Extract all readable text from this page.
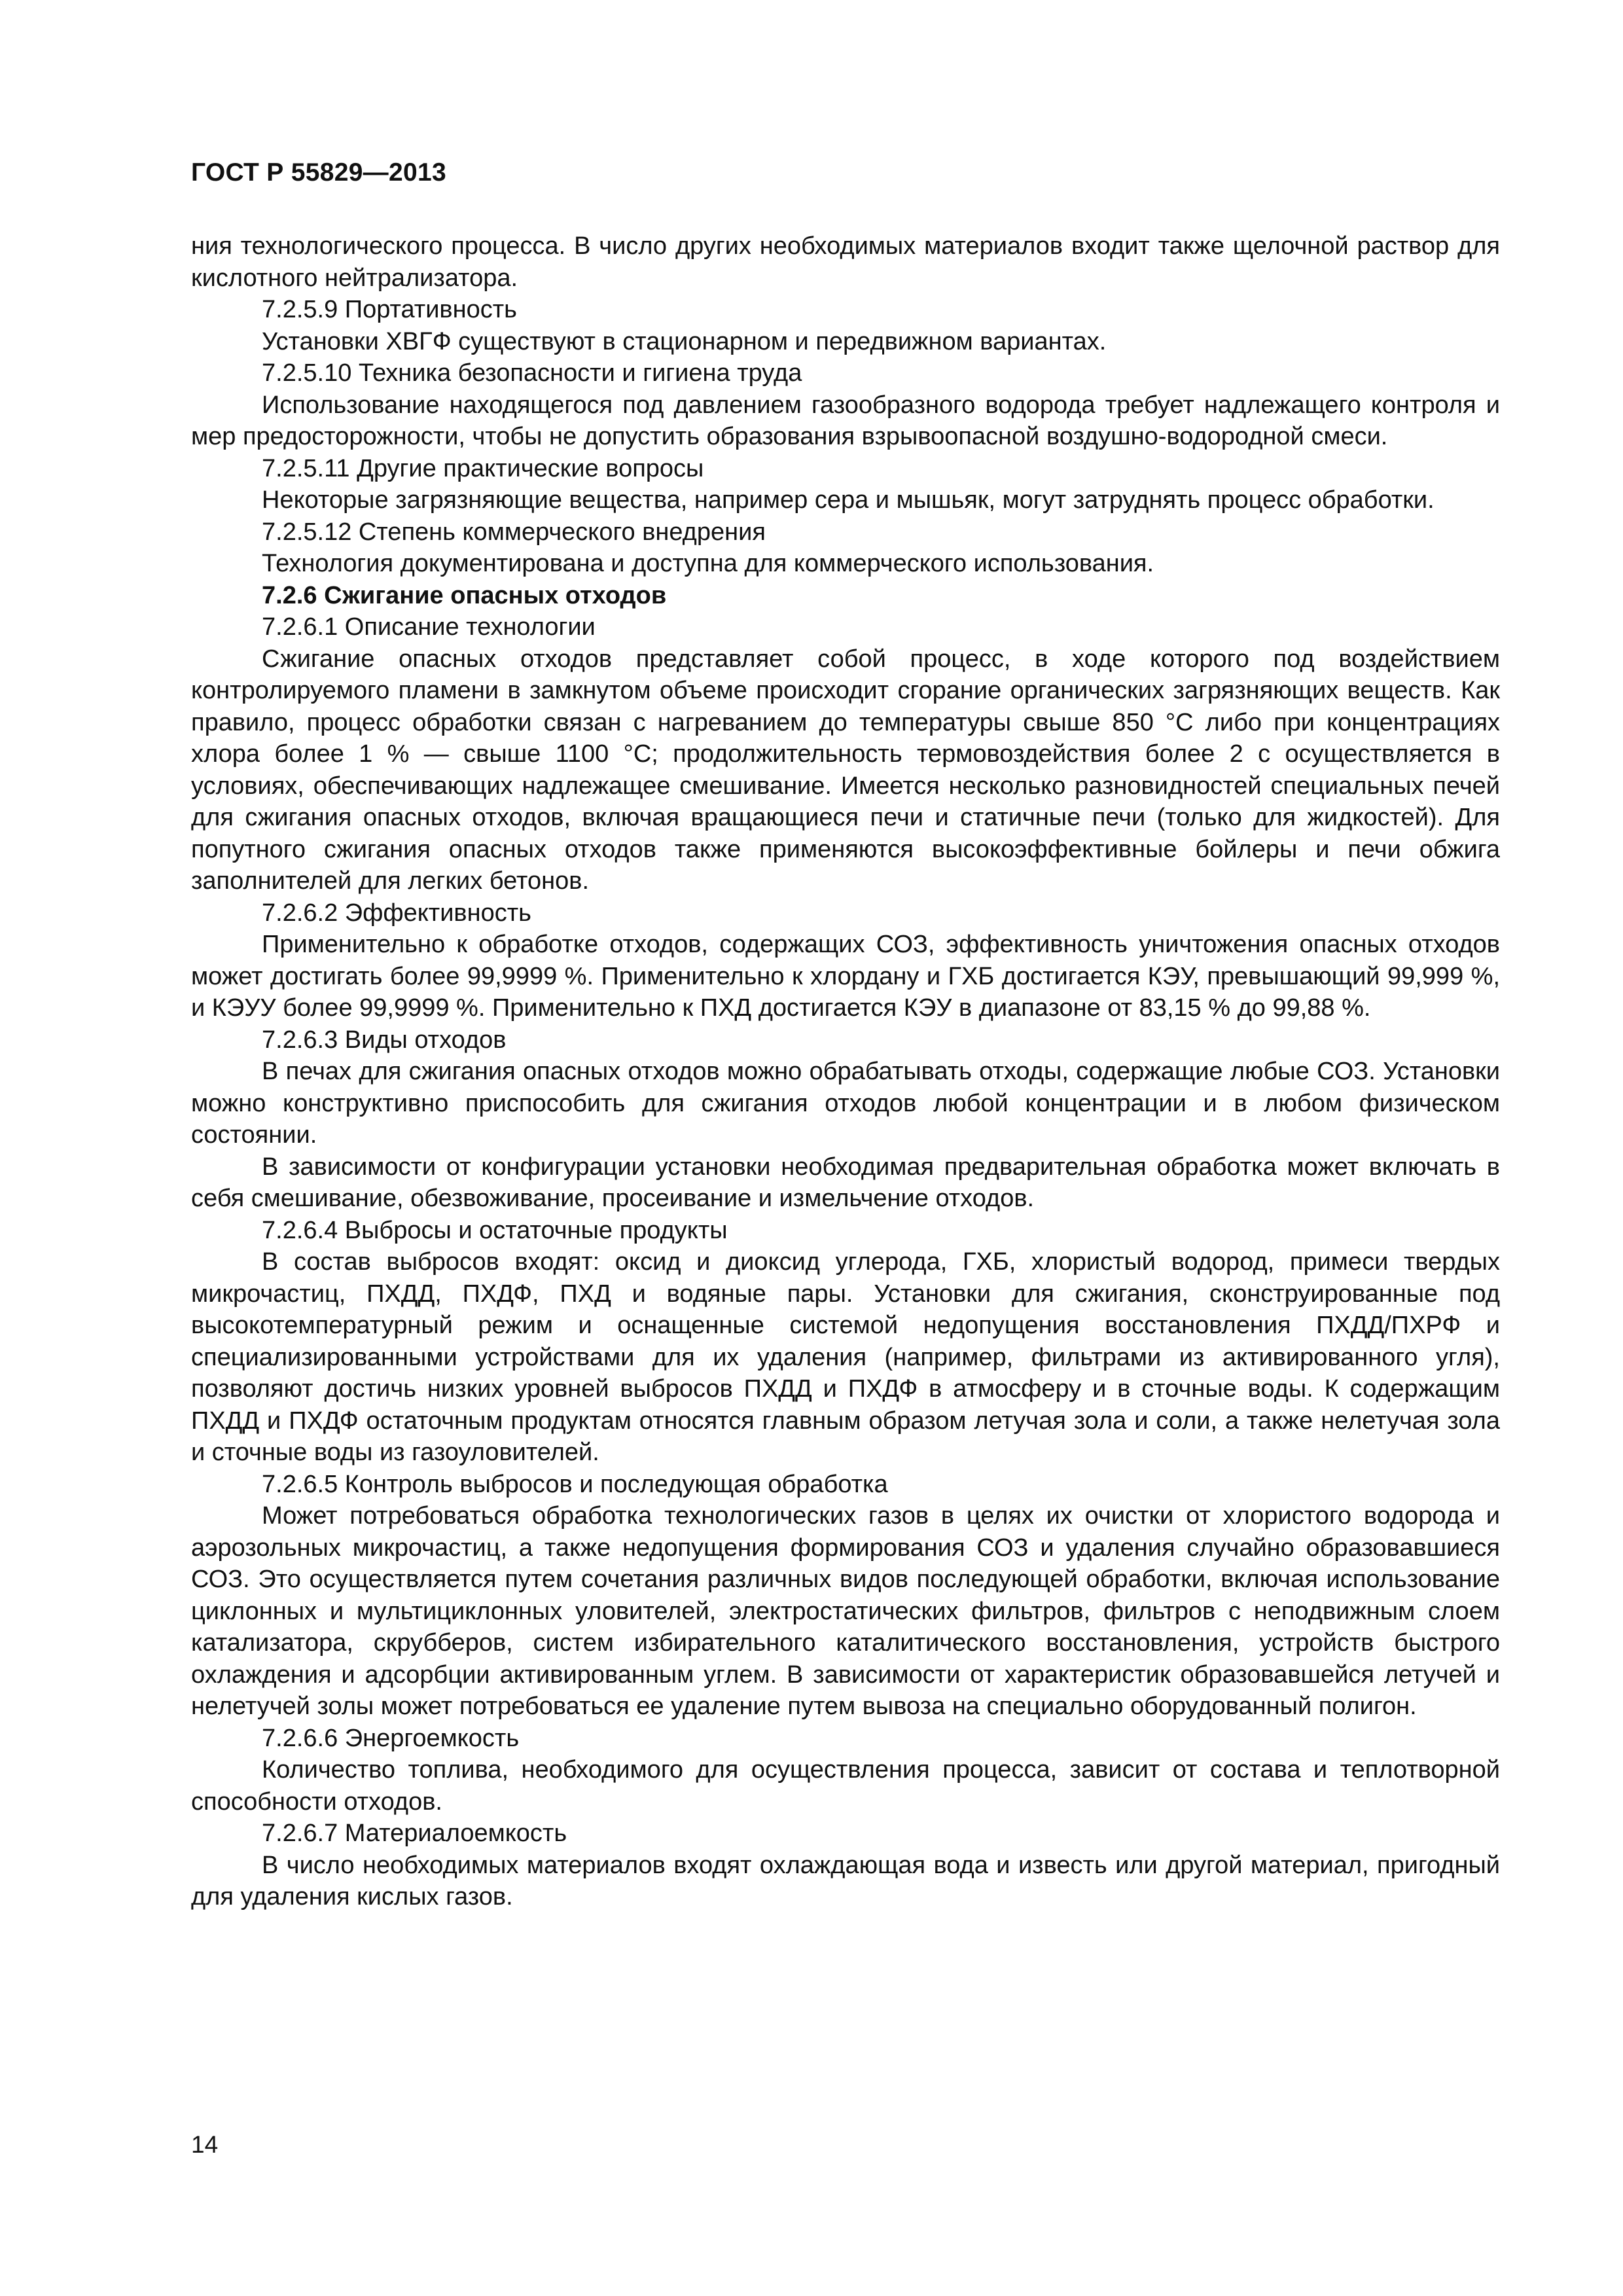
ГОСТ Р 55829—2013

ния технологического процесса. В число других необходимых материалов входит также щелочной раствор для кислотного нейтрализатора.

7.2.5.9 Портативность

Установки ХВГФ существуют в стационарном и передвижном вариантах.

7.2.5.10 Техника безопасности и гигиена труда

Использование находящегося под давлением газообразного водорода требует надлежащего контроля и мер предосторожности, чтобы не допустить образования взрывоопасной воздушно-водородной смеси.

7.2.5.11 Другие практические вопросы

Некоторые загрязняющие вещества, например сера и мышьяк, могут затруднять процесс обработки.

7.2.5.12 Степень коммерческого внедрения

Технология документирована и доступна для коммерческого использования.

7.2.6 Сжигание опасных отходов

7.2.6.1 Описание технологии

Сжигание опасных отходов представляет собой процесс, в ходе которого под воздействием контролируемого пламени в замкнутом объеме происходит сгорание органических загрязняющих веществ. Как правило, процесс обработки связан с нагреванием до температуры свыше 850 °С либо при концентрациях хлора более 1 % — свыше 1100 °С; продолжительность термовоздействия более 2 с осуществляется в условиях, обеспечивающих надлежащее смешивание. Имеется несколько разновидностей специальных печей для сжигания опасных отходов, включая вращающиеся печи и статичные печи (только для жидкостей). Для попутного сжигания опасных отходов также применяются высокоэффективные бойлеры и печи обжига заполнителей для легких бетонов.

7.2.6.2 Эффективность

Применительно к обработке отходов, содержащих СОЗ, эффективность уничтожения опасных отходов может достигать более 99,9999 %. Применительно к хлордану и ГХБ достигается КЭУ, превышающий 99,999 %, и КЭУУ более 99,9999 %. Применительно к ПХД достигается КЭУ в диапазоне от 83,15 % до 99,88 %.

7.2.6.3 Виды отходов

В печах для сжигания опасных отходов можно обрабатывать отходы, содержащие любые СОЗ. Установки можно конструктивно приспособить для сжигания отходов любой концентрации и в любом физическом состоянии.

В зависимости от конфигурации установки необходимая предварительная обработка может включать в себя смешивание, обезвоживание, просеивание и измельчение отходов.

7.2.6.4 Выбросы и остаточные продукты

В состав выбросов входят: оксид и диоксид углерода, ГХБ, хлористый водород, примеси твердых микрочастиц, ПХДД, ПХДФ, ПХД и водяные пары. Установки для сжигания, сконструированные под высокотемпературный режим и оснащенные системой недопущения восстановления ПХДД/ПХРФ и специализированными устройствами для их удаления (например, фильтрами из активированного угля), позволяют достичь низких уровней выбросов ПХДД и ПХДФ в атмосферу и в сточные воды. К содержащим ПХДД и ПХДФ остаточным продуктам относятся главным образом летучая зола и соли, а также нелетучая зола и сточные воды из газоуловителей.

7.2.6.5 Контроль выбросов и последующая обработка

Может потребоваться обработка технологических газов в целях их очистки от хлористого водорода и аэрозольных микрочастиц, а также недопущения формирования СОЗ и удаления случайно образовавшиеся СОЗ. Это осуществляется путем сочетания различных видов последующей обработки, включая использование циклонных и мультициклонных уловителей, электростатических фильтров, фильтров с неподвижным слоем катализатора, скрубберов, систем избирательного каталитического восстановления, устройств быстрого охлаждения и адсорбции активированным углем. В зависимости от характеристик образовавшейся летучей и нелетучей золы может потребоваться ее удаление путем вывоза на специально оборудованный полигон.

7.2.6.6 Энергоемкость

Количество топлива, необходимого для осуществления процесса, зависит от состава и теплотворной способности отходов.

7.2.6.7 Материалоемкость

В число необходимых материалов входят охлаждающая вода и известь или другой материал, пригодный для удаления кислых газов.

14
